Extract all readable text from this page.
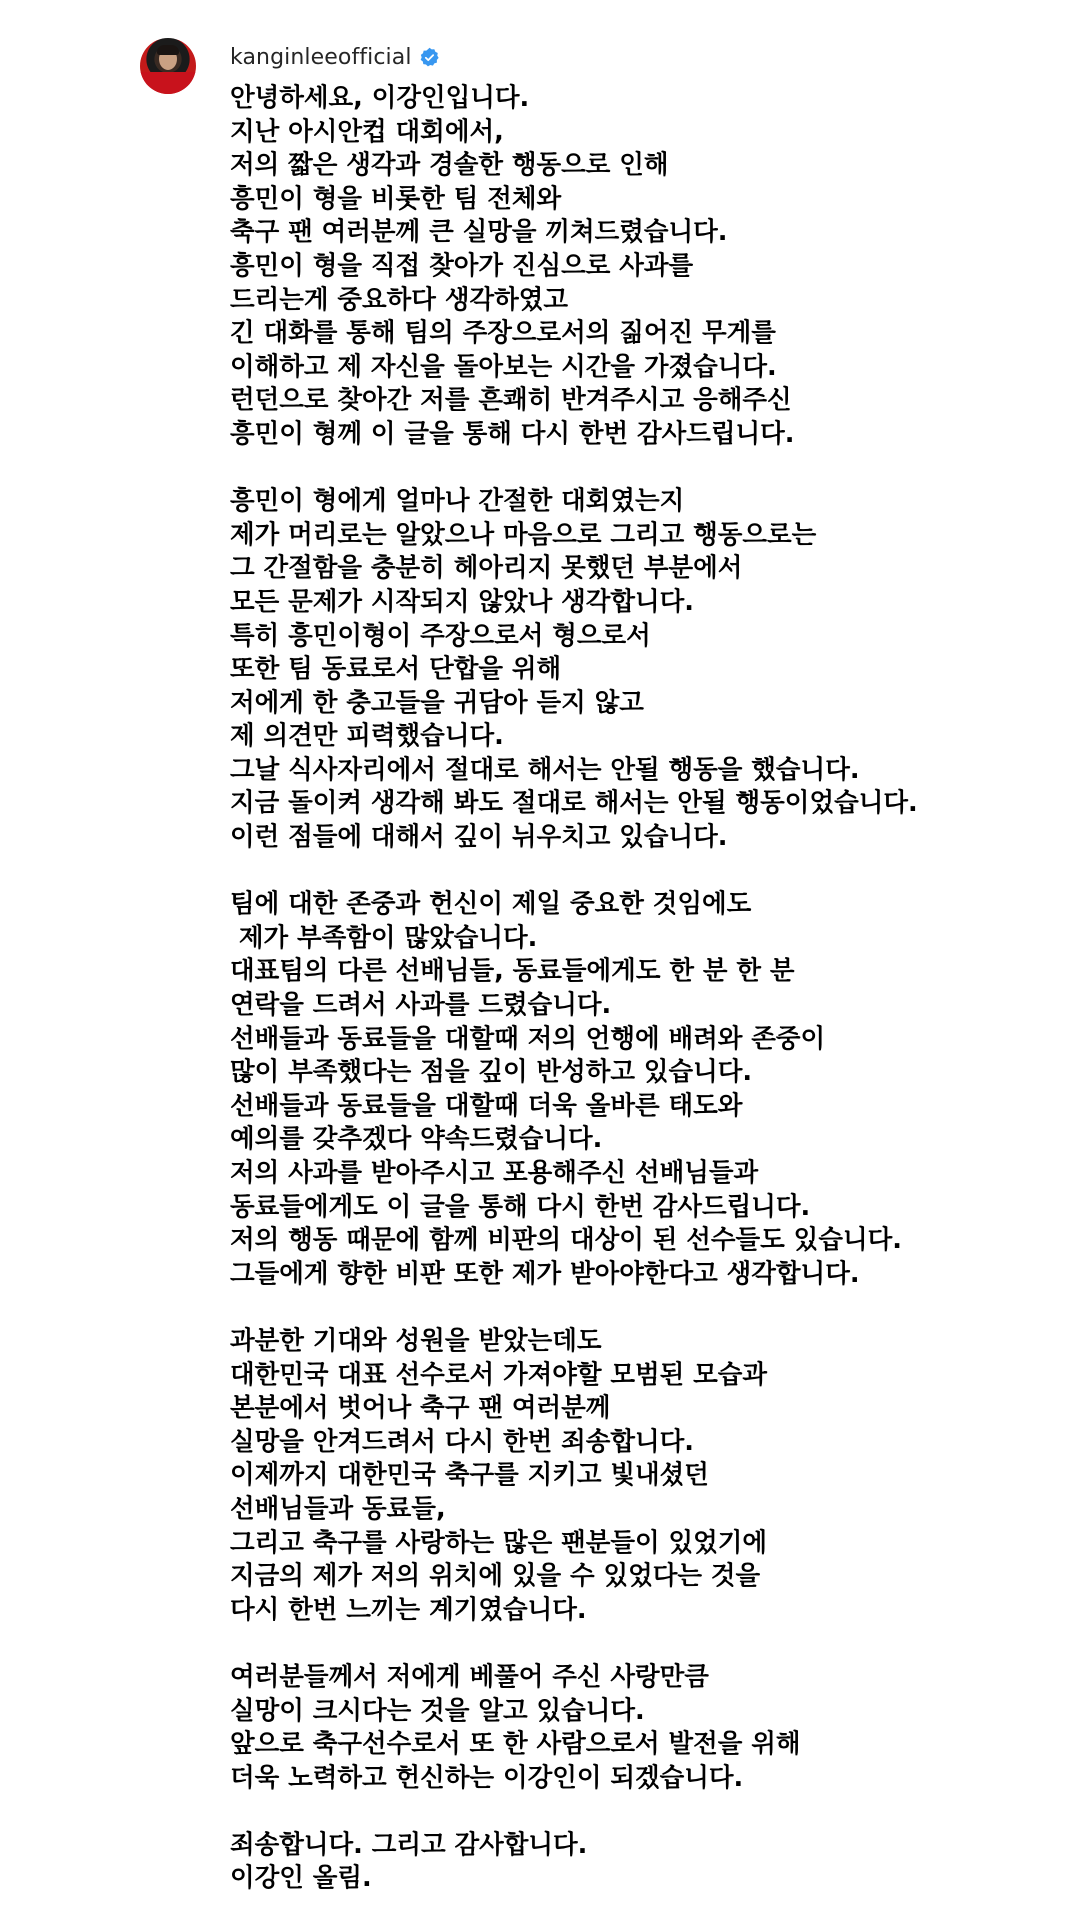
kanginleeofficial
안녕하세요, 이강인입니다.
지난 아시안컵 대회에서,
저의 짧은 생각과 경솔한 행동으로 인해
흥민이 형을 비롯한 팀 전체와
축구 팬 여러분께 큰 실망을 끼쳐드렸습니다.
흥민이 형을 직접 찾아가 진심으로 사과를
드리는게 중요하다 생각하였고
긴 대화를 통해 팀의 주장으로서의 짊어진 무게를
이해하고 제 자신을 돌아보는 시간을 가졌습니다.
런던으로 찾아간 저를 흔쾌히 반겨주시고 응해주신
흥민이 형께 이 글을 통해 다시 한번 감사드립니다.
흥민이 형에게 얼마나 간절한 대회였는지
제가 머리로는 알았으나 마음으로 그리고 행동으로는
그 간절함을 충분히 헤아리지 못했던 부분에서
모든 문제가 시작되지 않았나 생각합니다.
특히 흥민이형이 주장으로서 형으로서
또한 팀 동료로서 단합을 위해
저에게 한 충고들을 귀담아 듣지 않고
제 의견만 피력했습니다.
그날 식사자리에서 절대로 해서는 안될 행동을 했습니다.
지금 돌이켜 생각해 봐도 절대로 해서는 안될 행동이었습니다.
이런 점들에 대해서 깊이 뉘우치고 있습니다.
팀에 대한 존중과 헌신이 제일 중요한 것임에도
제가 부족함이 많았습니다.
대표팀의 다른 선배님들, 동료들에게도 한 분 한 분
연락을 드려서 사과를 드렸습니다.
선배들과 동료들을 대할때 저의 언행에 배려와 존중이
많이 부족했다는 점을 깊이 반성하고 있습니다.
선배들과 동료들을 대할때 더욱 올바른 태도와
예의를 갖추겠다 약속드렸습니다.
저의 사과를 받아주시고 포용해주신 선배님들과
동료들에게도 이 글을 통해 다시 한번 감사드립니다.
저의 행동 때문에 함께 비판의 대상이 된 선수들도 있습니다.
그들에게 향한 비판 또한 제가 받아야한다고 생각합니다.
과분한 기대와 성원을 받았는데도
대한민국 대표 선수로서 가져야할 모범된 모습과
본분에서 벗어나 축구 팬 여러분께
실망을 안겨드려서 다시 한번 죄송합니다.
이제까지 대한민국 축구를 지키고 빛내셨던
선배님들과 동료들,
그리고 축구를 사랑하는 많은 팬분들이 있었기에
지금의 제가 저의 위치에 있을 수 있었다는 것을
다시 한번 느끼는 계기였습니다.
여러분들께서 저에게 베풀어 주신 사랑만큼
실망이 크시다는 것을 알고 있습니다.
앞으로 축구선수로서 또 한 사람으로서 발전을 위해
더욱 노력하고 헌신하는 이강인이 되겠습니다.
죄송합니다. 그리고 감사합니다.
이강인 올림.
